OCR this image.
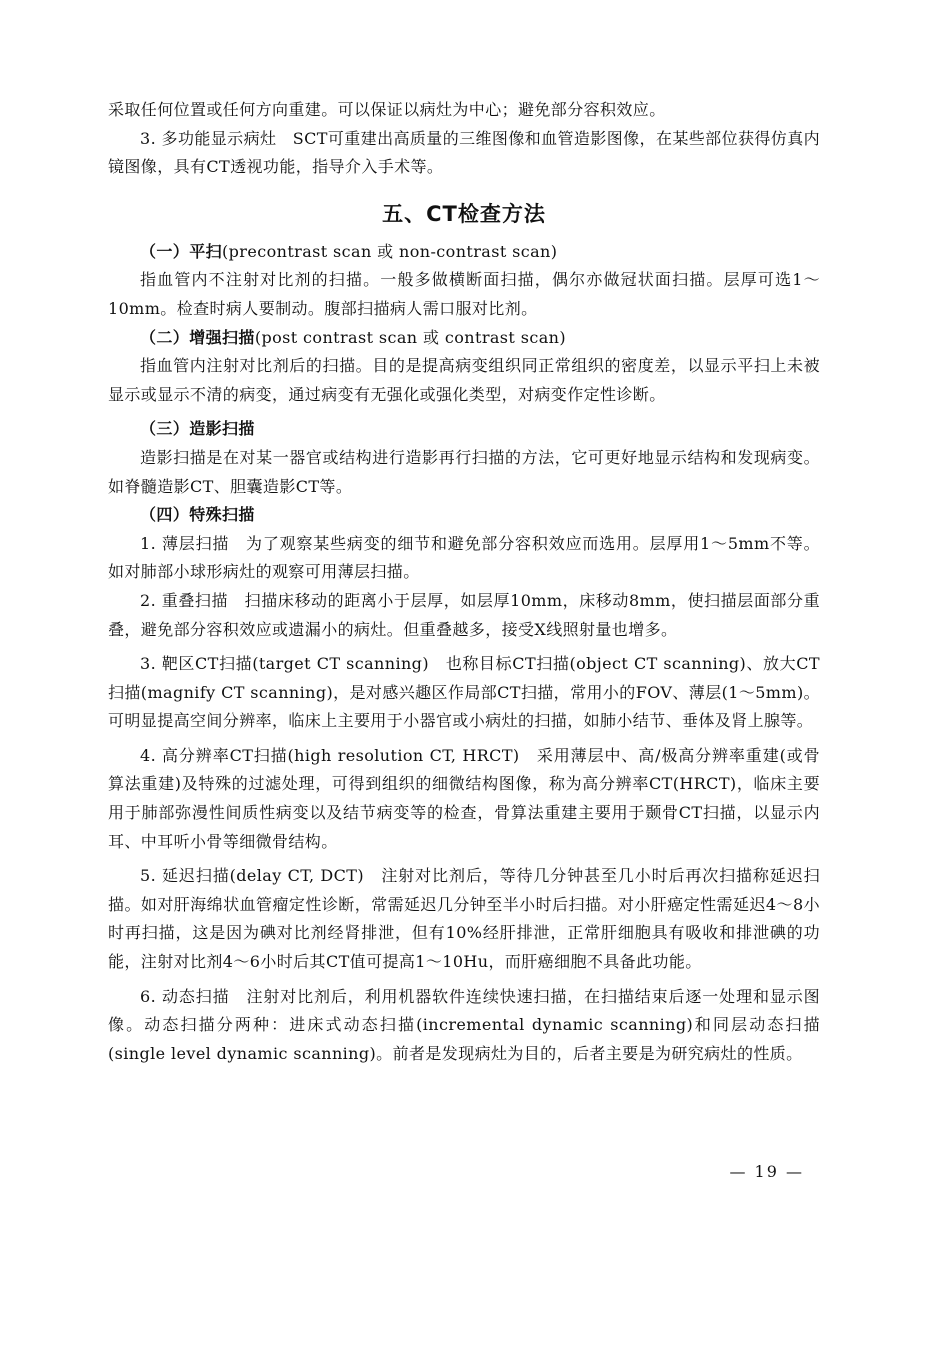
采取任何位置或任何方向重建。可以保证以病灶为中心；避免部分容积效应。

3. 多功能显示病灶　SCT可重建出高质量的三维图像和血管造影图像，在某些部位获得仿真内镜图像，具有CT透视功能，指导介入手术等。

五、CT检查方法

（一）平扫(precontrast scan 或 non-contrast scan)

指血管内不注射对比剂的扫描。一般多做横断面扫描，偶尔亦做冠状面扫描。层厚可选1～10mm。检查时病人要制动。腹部扫描病人需口服对比剂。

（二）增强扫描(post contrast scan 或 contrast scan)

指血管内注射对比剂后的扫描。目的是提高病变组织同正常组织的密度差，以显示平扫上未被显示或显示不清的病变，通过病变有无强化或强化类型，对病变作定性诊断。

（三）造影扫描

造影扫描是在对某一器官或结构进行造影再行扫描的方法，它可更好地显示结构和发现病变。如脊髓造影CT、胆囊造影CT等。

（四）特殊扫描

1. 薄层扫描　为了观察某些病变的细节和避免部分容积效应而选用。层厚用1～5mm不等。如对肺部小球形病灶的观察可用薄层扫描。

2. 重叠扫描　扫描床移动的距离小于层厚，如层厚10mm，床移动8mm，使扫描层面部分重叠，避免部分容积效应或遗漏小的病灶。但重叠越多，接受X线照射量也增多。

3. 靶区CT扫描(target CT scanning)　也称目标CT扫描(object CT scanning)、放大CT扫描(magnify CT scanning)，是对感兴趣区作局部CT扫描，常用小的FOV、薄层(1～5mm)。可明显提高空间分辨率，临床上主要用于小器官或小病灶的扫描，如肺小结节、垂体及肾上腺等。

4. 高分辨率CT扫描(high resolution CT, HRCT)　采用薄层中、高/极高分辨率重建(或骨算法重建)及特殊的过滤处理，可得到组织的细微结构图像，称为高分辨率CT(HRCT)，临床主要用于肺部弥漫性间质性病变以及结节病变等的检查，骨算法重建主要用于颞骨CT扫描，以显示内耳、中耳听小骨等细微骨结构。

5. 延迟扫描(delay CT, DCT)　注射对比剂后，等待几分钟甚至几小时后再次扫描称延迟扫描。如对肝海绵状血管瘤定性诊断，常需延迟几分钟至半小时后扫描。对小肝癌定性需延迟4～8小时再扫描，这是因为碘对比剂经肾排泄，但有10%经肝排泄，正常肝细胞具有吸收和排泄碘的功能，注射对比剂4～6小时后其CT值可提高1～10Hu，而肝癌细胞不具备此功能。

6. 动态扫描　注射对比剂后，利用机器软件连续快速扫描，在扫描结束后逐一处理和显示图像。动态扫描分两种：进床式动态扫描(incremental dynamic scanning)和同层动态扫描(single level dynamic scanning)。前者是发现病灶为目的，后者主要是为研究病灶的性质。

— 19 —
